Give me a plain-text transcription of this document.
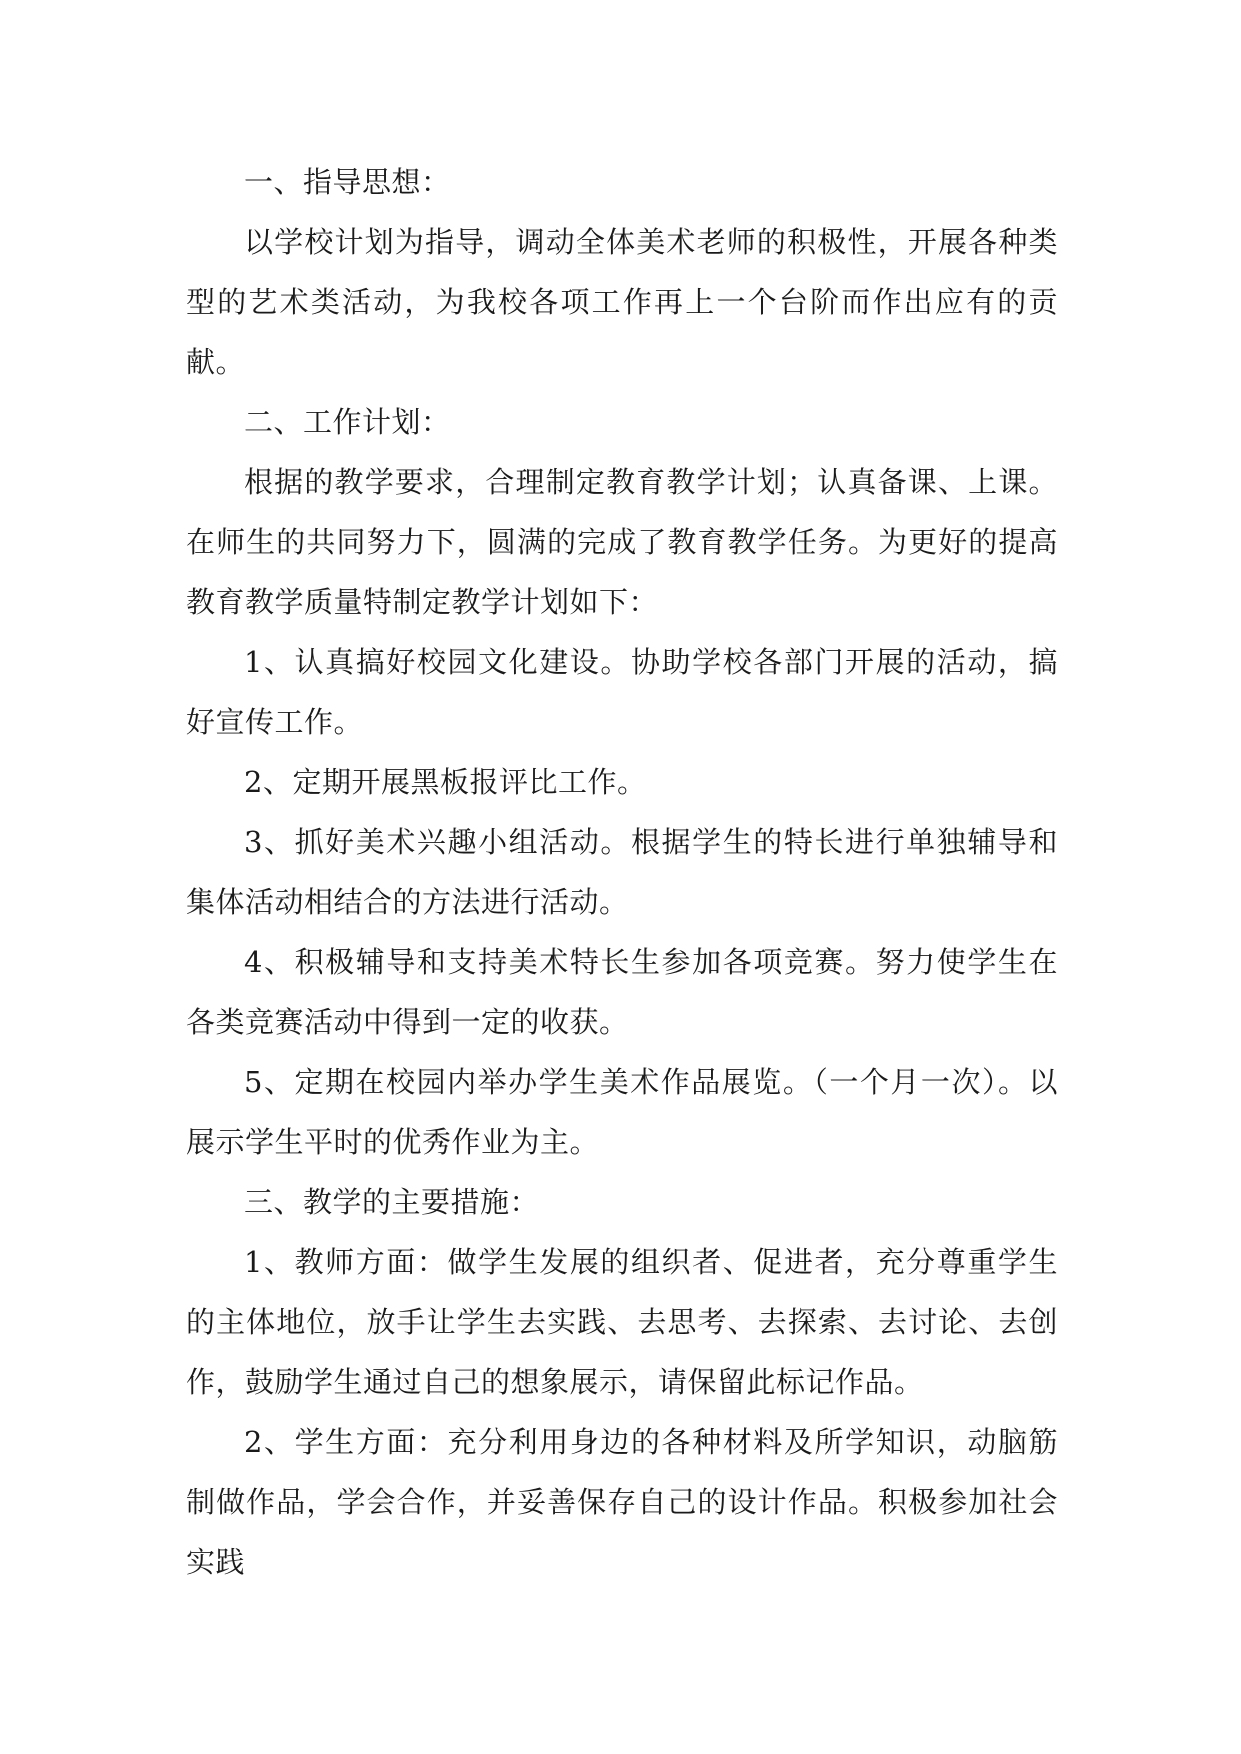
一、指导思想：

以学校计划为指导，调动全体美术老师的积极性，开展各种类型的艺术类活动，为我校各项工作再上一个台阶而作出应有的贡献。

二、工作计划：

根据的教学要求，合理制定教育教学计划；认真备课、上课。在师生的共同努力下，圆满的完成了教育教学任务。为更好的提高教育教学质量特制定教学计划如下：

1、认真搞好校园文化建设。协助学校各部门开展的活动，搞好宣传工作。

2、定期开展黑板报评比工作。

3、抓好美术兴趣小组活动。根据学生的特长进行单独辅导和集体活动相结合的方法进行活动。

4、积极辅导和支持美术特长生参加各项竞赛。努力使学生在各类竞赛活动中得到一定的收获。

5、定期在校园内举办学生美术作品展览。（一个月一次）。以展示学生平时的优秀作业为主。

三、教学的主要措施：

1、教师方面：做学生发展的组织者、促进者，充分尊重学生的主体地位，放手让学生去实践、去思考、去探索、去讨论、去创作，鼓励学生通过自己的想象展示，请保留此标记作品。

2、学生方面：充分利用身边的各种材料及所学知识，动脑筋制做作品，学会合作，并妥善保存自己的设计作品。积极参加社会实践
